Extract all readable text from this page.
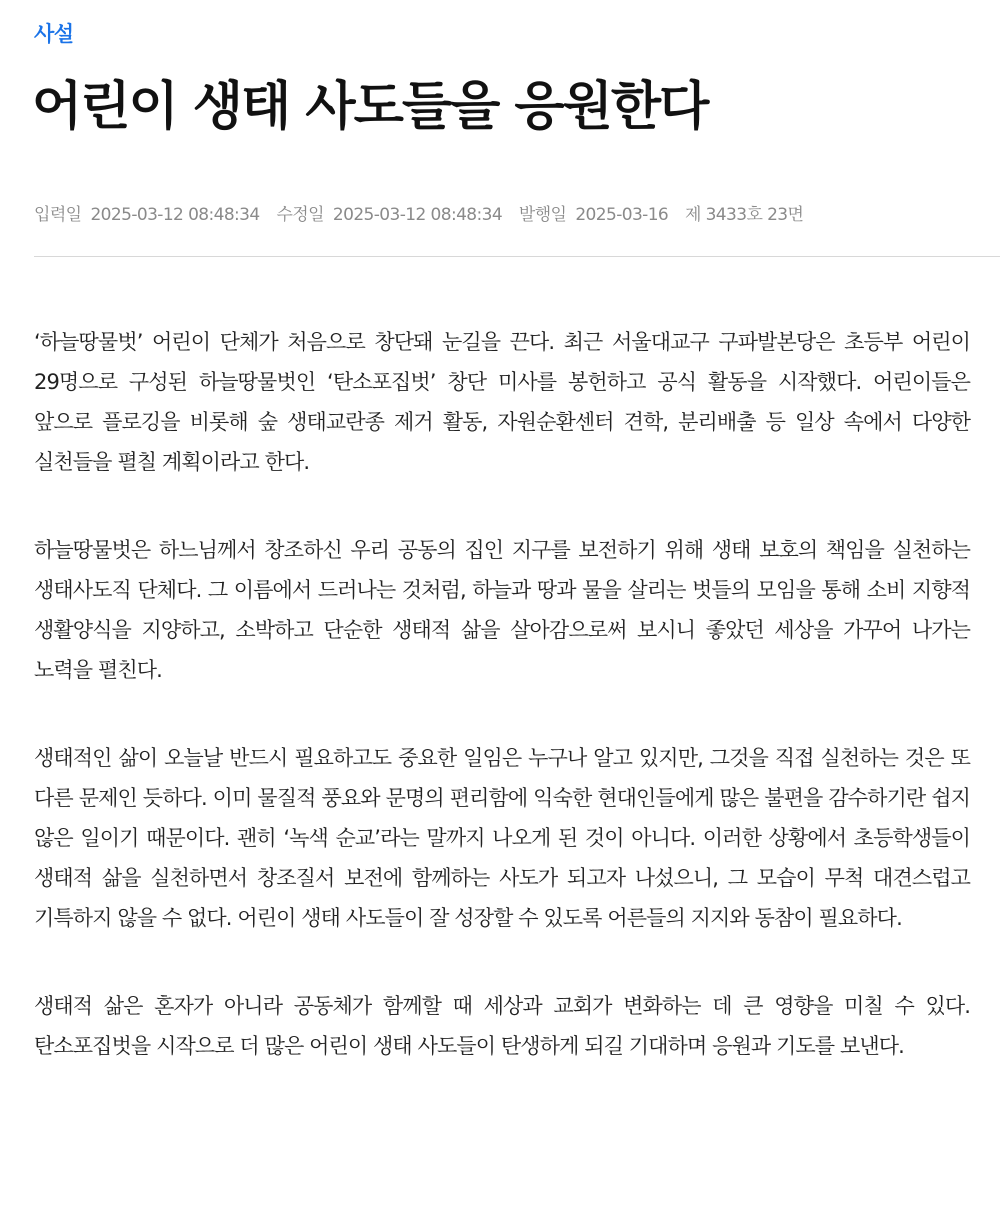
사설
어린이 생태 사도들을 응원한다
입력일 2025-03-12 08:48:34 수정일 2025-03-12 08:48:34 발행일 2025-03-16 제 3433호 23면

‘하늘땅물벗’ 어린이 단체가 처음으로 창단돼 눈길을 끈다. 최근 서울대교구 구파발본당은 초등부 어린이 29명으로 구성된 하늘땅물벗인 ‘탄소포집벗’ 창단 미사를 봉헌하고 공식 활동을 시작했다. 어린이들은 앞으로 플로깅을 비롯해 숲 생태교란종 제거 활동, 자원순환센터 견학, 분리배출 등 일상 속에서 다양한 실천들을 펼칠 계획이라고 한다.

하늘땅물벗은 하느님께서 창조하신 우리 공동의 집인 지구를 보전하기 위해 생태 보호의 책임을 실천하는 생태사도직 단체다. 그 이름에서 드러나는 것처럼, 하늘과 땅과 물을 살리는 벗들의 모임을 통해 소비 지향적 생활양식을 지양하고, 소박하고 단순한 생태적 삶을 살아감으로써 보시니 좋았던 세상을 가꾸어 나가는 노력을 펼친다.

생태적인 삶이 오늘날 반드시 필요하고도 중요한 일임은 누구나 알고 있지만, 그것을 직접 실천하는 것은 또 다른 문제인 듯하다. 이미 물질적 풍요와 문명의 편리함에 익숙한 현대인들에게 많은 불편을 감수하기란 쉽지 않은 일이기 때문이다. 괜히 ‘녹색 순교’라는 말까지 나오게 된 것이 아니다. 이러한 상황에서 초등학생들이 생태적 삶을 실천하면서 창조질서 보전에 함께하는 사도가 되고자 나섰으니, 그 모습이 무척 대견스럽고 기특하지 않을 수 없다. 어린이 생태 사도들이 잘 성장할 수 있도록 어른들의 지지와 동참이 필요하다.

생태적 삶은 혼자가 아니라 공동체가 함께할 때 세상과 교회가 변화하는 데 큰 영향을 미칠 수 있다. 탄소포집벗을 시작으로 더 많은 어린이 생태 사도들이 탄생하게 되길 기대하며 응원과 기도를 보낸다.
